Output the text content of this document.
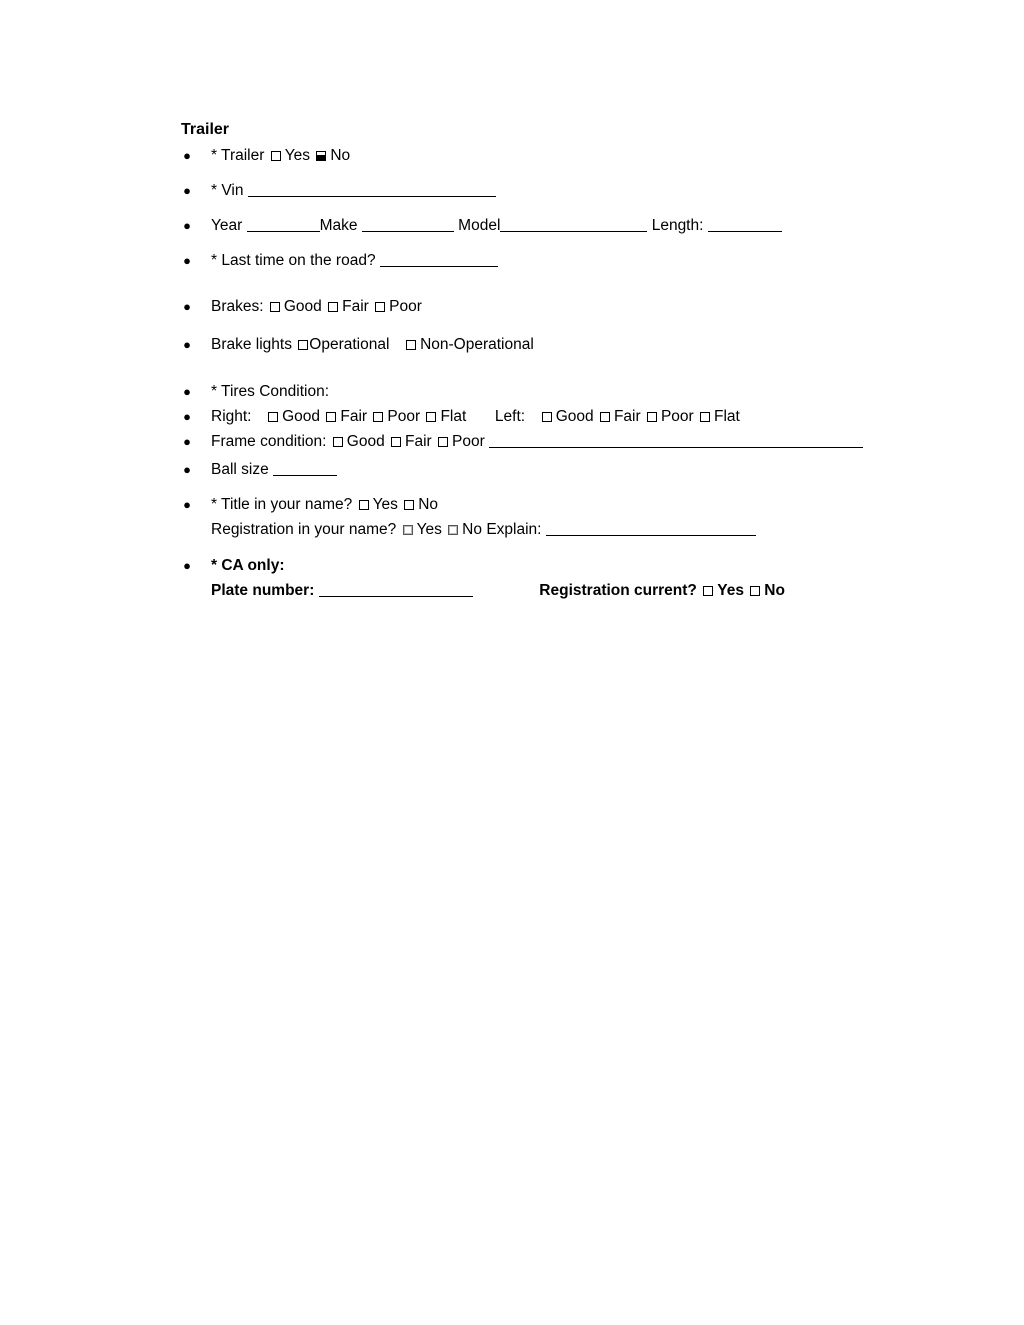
Trailer
● * Trailer Yes No
● * Vin
● Year	Make	Model	Length:
● * Last time on the road?
● Brakes: Good Fair Poor
● Brake lights Operational Non-Operational
● * Tires Condition:
● Right: Good Fair Poor Flat Left: Good Fair Poor Flat
● Frame condition: Good Fair Poor
● Ball size
● * Title in your name? Yes No
Registration in your name? Yes No Explain:
● * CA only:
Plate number:	Registration current? Yes No
